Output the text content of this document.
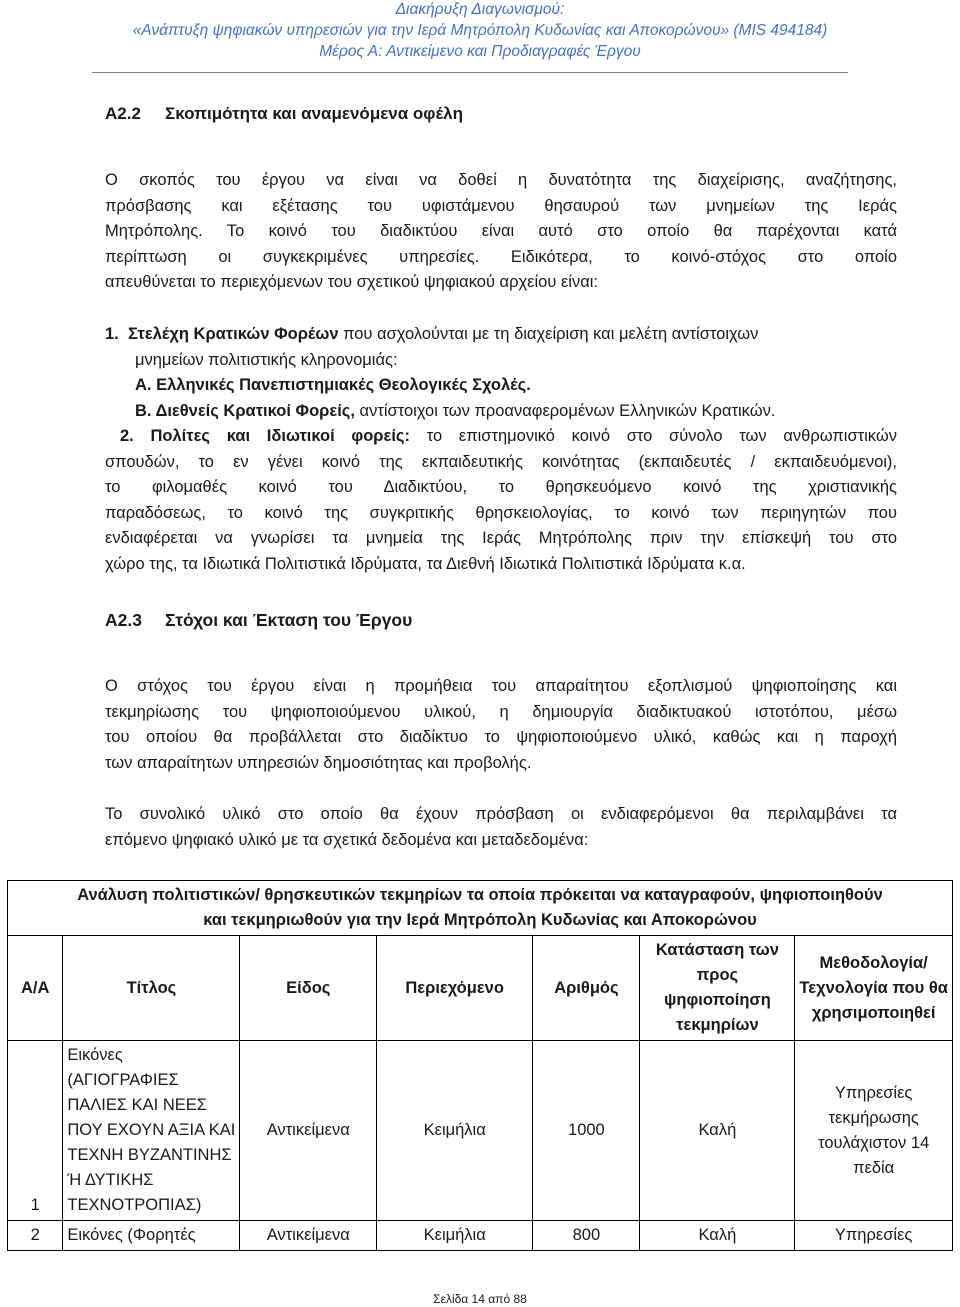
Διακήρυξη Διαγωνισμού:
«Ανάπτυξη ψηφιακών υπηρεσιών για την Ιερά Μητρόπολη Κυδωνίας και Αποκορώνου» (MIS 494184)
Μέρος Α: Αντικείμενο και Προδιαγραφές Έργου
Α2.2 Σκοπιμότητα και αναμενόμενα οφέλη
Ο σκοπός του έργου να είναι να δοθεί η δυνατότητα της διαχείρισης, αναζήτησης,
πρόσβασης και εξέτασης του υφιστάμενου θησαυρού των μνημείων της Ιεράς
Μητρόπολης. Το κοινό του διαδικτύου είναι αυτό στο οποίο θα παρέχονται κατά
περίπτωση οι συγκεκριμένες υπηρεσίες. Ειδικότερα, το κοινό-στόχος στο οποίο
απευθύνεται το περιεχόμενων του σχετικού ψηφιακού αρχείου είναι:
1. Στελέχη Κρατικών Φορέων που ασχολούνται με τη διαχείριση και μελέτη αντίστοιχων
μνημείων πολιτιστικής κληρονομιάς:
Α. Ελληνικές Πανεπιστημιακές Θεολογικές Σχολές.
Β. Διεθνείς Κρατικοί Φορείς, αντίστοιχοι των προαναφερομένων Ελληνικών Κρατικών.
2. Πολίτες και Ιδιωτικοί φορείς: το επιστημονικό κοινό στο σύνολο των ανθρωπιστικών
σπουδών, το εν γένει κοινό της εκπαιδευτικής κοινότητας (εκπαιδευτές / εκπαιδευόμενοι),
το φιλομαθές κοινό του Διαδικτύου, το θρησκευόμενο κοινό της χριστιανικής
παραδόσεως, το κοινό της συγκριτικής θρησκειολογίας, το κοινό των περιηγητών που
ενδιαφέρεται να γνωρίσει τα μνημεία της Ιεράς Μητρόπολης πριν την επίσκεψή του στο
χώρο της, τα Ιδιωτικά Πολιτιστικά Ιδρύματα, τα Διεθνή Ιδιωτικά Πολιτιστικά Ιδρύματα κ.α.
Α2.3 Στόχοι και Έκταση του Έργου
Ο στόχος του έργου είναι η προμήθεια του απαραίτητου εξοπλισμού ψηφιοποίησης και
τεκμηρίωσης του ψηφιοποιούμενου υλικού, η δημιουργία διαδικτυακού ιστοτόπου, μέσω
του οποίου θα προβάλλεται στο διαδίκτυο το ψηφιοποιούμενο υλικό, καθώς και η παροχή
των απαραίτητων υπηρεσιών δημοσιότητας και προβολής.
Το συνολικό υλικό στο οποίο θα έχουν πρόσβαση οι ενδιαφερόμενοι θα περιλαμβάνει τα
επόμενο ψηφιακό υλικό με τα σχετικά δεδομένα και μεταδεδομένα:
Ανάλυση πολιτιστικών/ θρησκευτικών τεκμηρίων τα οποία πρόκειται να καταγραφούν, ψηφιοποιηθούν
και τεκμηριωθούν για την Ιερά Μητρόπολη Κυδωνίας και Αποκορώνου						

Α/Α	Τίτλος	Είδος	Περιεχόμενο	Αριθμός	Κατάσταση των προς ψηφιοποίηση τεκμηρίων	Μεθοδολογία/ Τεχνολογία που θα χρησιμοποιηθεί
1	Εικόνες (ΑΓΙΟΓΡΑΦΙΕΣ ΠΑΛΙΕΣ ΚΑΙ ΝΕΕΣ ΠΟΥ ΕΧΟΥΝ ΑΞΙΑ ΚΑΙ ΤΕΧΝΗ ΒΥΖΑΝΤΙΝΗΣ Ή ΔΥΤΙΚΗΣ ΤΕΧΝΟΤΡΟΠΙΑΣ)	Αντικείμενα	Κειμήλια	1000	Καλή	Υπηρεσίες τεκμήρωσης τουλάχιστον 14 πεδία
2	Εικόνες (Φορητές	Αντικείμενα	Κειμήλια	800	Καλή	Υπηρεσίες
Σελίδα 14 από 88
